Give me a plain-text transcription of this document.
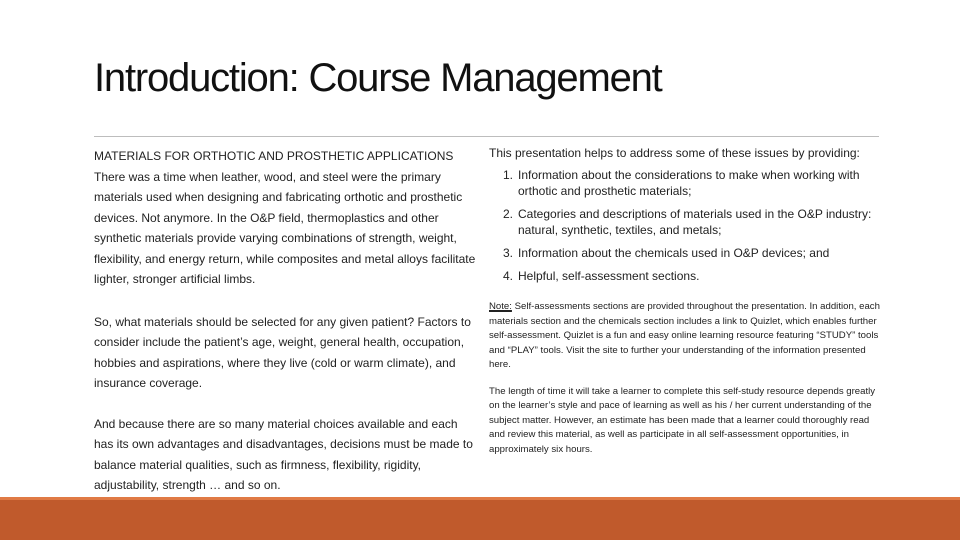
Introduction: Course Management

MATERIALS FOR ORTHOTIC AND PROSTHETIC APPLICATIONS
There was a time when leather, wood, and steel were the primary materials used when designing and fabricating orthotic and prosthetic devices. Not anymore. In the O&P field, thermoplastics and other synthetic materials provide varying combinations of strength, weight, flexibility, and energy return, while composites and metal alloys facilitate lighter, stronger artificial limbs.

So, what materials should be selected for any given patient? Factors to consider include the patient’s age, weight, general health, occupation, hobbies and aspirations, where they live (cold or warm climate), and insurance coverage.

And because there are so many material choices available and each has its own advantages and disadvantages, decisions must be made to balance material qualities, such as firmness, flexibility, rigidity, adjustability, strength … and so on.

This presentation helps to address some of these issues by providing:

1. Information about the considerations to make when working with orthotic and prosthetic materials;
2. Categories and descriptions of materials used in the O&P industry: natural, synthetic, textiles, and metals;
3. Information about the chemicals used in O&P devices; and
4. Helpful, self-assessment sections.

Note: Self-assessments sections are provided throughout the presentation. In addition, each materials section and the chemicals section includes a link to Quizlet, which enables further self-assessment. Quizlet is a fun and easy online learning resource featuring “STUDY” tools and “PLAY” tools. Visit the site to further your understanding of the information presented here.

The length of time it will take a learner to complete this self-study resource depends greatly on the learner’s style and pace of learning as well as his / her current understanding of the subject matter. However, an estimate has been made that a learner could thoroughly read and review this material, as well as participate in all self-assessment opportunities, in approximately six hours.
